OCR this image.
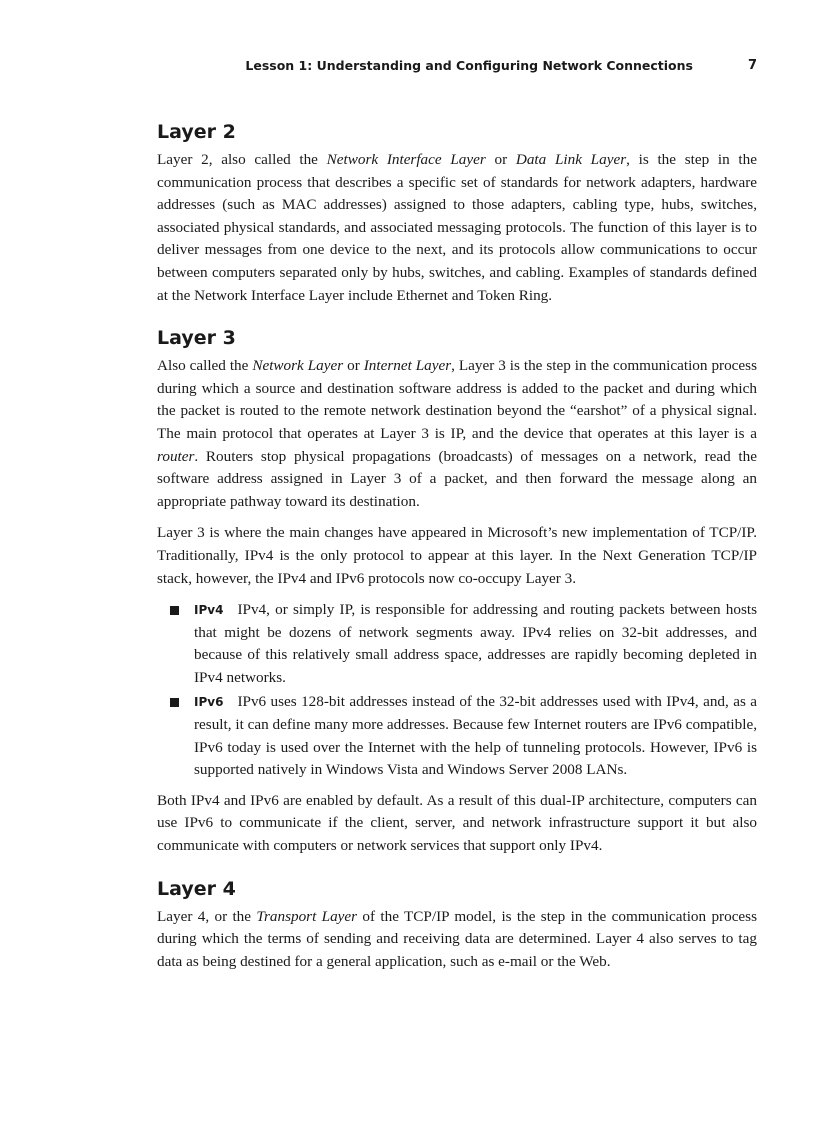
Lesson 1: Understanding and Configuring Network Connections	7
Layer 2

Layer 2, also called the Network Interface Layer or Data Link Layer, is the step in the communication process that describes a specific set of standards for network adapters, hardware addresses (such as MAC addresses) assigned to those adapters, cabling type, hubs, switches, associated physical standards, and associated messaging protocols. The function of this layer is to deliver messages from one device to the next, and its protocols allow communications to occur between computers separated only by hubs, switches, and cabling. Examples of standards defined at the Network Interface Layer include Ethernet and Token Ring.

Layer 3

Also called the Network Layer or Internet Layer, Layer 3 is the step in the communication process during which a source and destination software address is added to the packet and during which the packet is routed to the remote network destination beyond the “earshot” of a physical signal. The main protocol that operates at Layer 3 is IP, and the device that operates at this layer is a router. Routers stop physical propagations (broadcasts) of messages on a network, read the software address assigned in Layer 3 of a packet, and then forward the message along an appropriate pathway toward its destination.

Layer 3 is where the main changes have appeared in Microsoft’s new implementation of TCP/IP. Traditionally, IPv4 is the only protocol to appear at this layer. In the Next Generation TCP/IP stack, however, the IPv4 and IPv6 protocols now co-occupy Layer 3.

IPv4 IPv4, or simply IP, is responsible for addressing and routing packets between hosts that might be dozens of network segments away. IPv4 relies on 32-bit addresses, and because of this relatively small address space, addresses are rapidly becoming depleted in IPv4 networks.
IPv6 IPv6 uses 128-bit addresses instead of the 32-bit addresses used with IPv4, and, as a result, it can define many more addresses. Because few Internet routers are IPv6 compatible, IPv6 today is used over the Internet with the help of tunneling protocols. However, IPv6 is supported natively in Windows Vista and Windows Server 2008 LANs.

Both IPv4 and IPv6 are enabled by default. As a result of this dual-IP architecture, computers can use IPv6 to communicate if the client, server, and network infrastructure support it but also communicate with computers or network services that support only IPv4.

Layer 4

Layer 4, or the Transport Layer of the TCP/IP model, is the step in the communication process during which the terms of sending and receiving data are determined. Layer 4 also serves to tag data as being destined for a general application, such as e-mail or the Web.
